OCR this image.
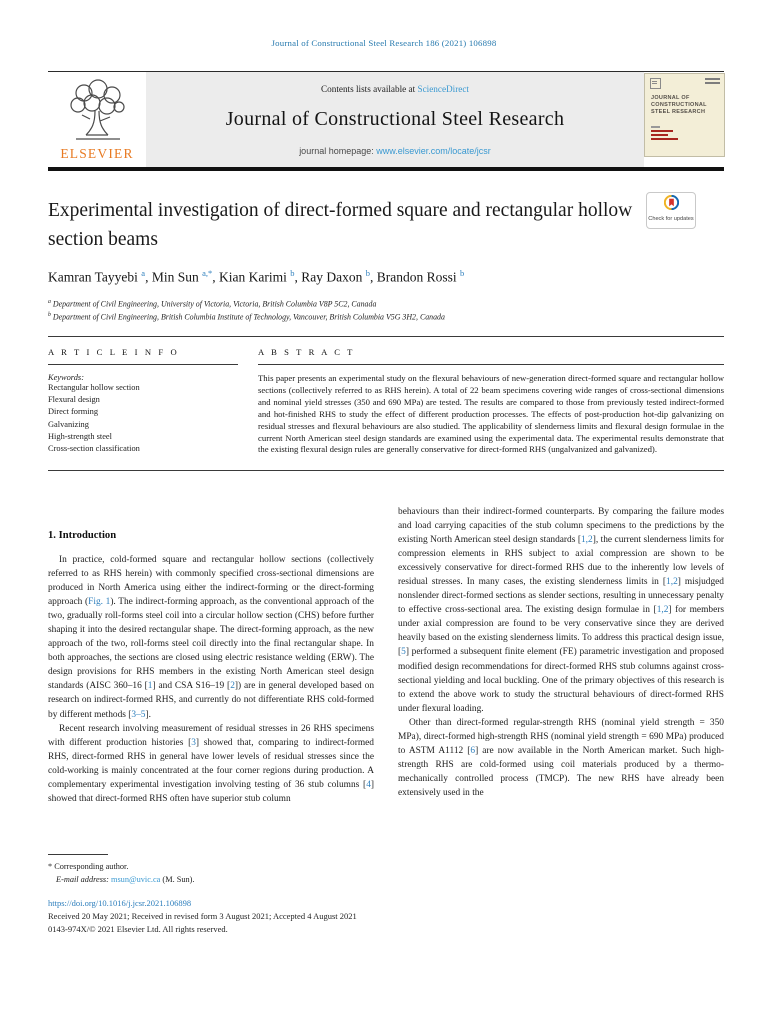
Journal of Constructional Steel Research 186 (2021) 106898
ELSEVIER
Contents lists available at ScienceDirect
Journal of Constructional Steel Research
journal homepage: www.elsevier.com/locate/jcsr
JOURNAL OF CONSTRUCTIONAL STEEL RESEARCH
Check for updates
Experimental investigation of direct-formed square and rectangular hollow section beams
Kamran Tayyebi $^a$, Min Sun $^{a,*}$, Kian Karimi $^b$, Ray Daxon $^b$, Brandon Rossi $^b$
$^a$ Department of Civil Engineering, University of Victoria, Victoria, British Columbia V8P 5C2, Canada
$^b$ Department of Civil Engineering, British Columbia Institute of Technology, Vancouver, British Columbia V5G 3H2, Canada
A R T I C L E I N F O
Keywords:
Rectangular hollow section
Flexural design
Direct forming
Galvanizing
High-strength steel
Cross-section classification
A B S T R A C T

This paper presents an experimental study on the flexural behaviours of new-generation direct-formed square and rectangular hollow sections (collectively referred to as RHS herein). A total of 22 beam specimens covering wide ranges of cross-sectional dimensions and nominal yield stresses (350 and 690 MPa) are tested. The results are compared to those from previously tested indirect-formed and hot-finished RHS to study the effect of different production processes. The effects of post-production hot-dip galvanizing on residual stresses and flexural behaviours are also studied. The applicability of slenderness limits and flexural design formulae in the current North American steel design standards are examined using the experimental data. The experimental results demonstrate that the existing flexural design rules are generally conservative for direct-formed RHS (ungalvanized and galvanized).

1. Introduction

In practice, cold-formed square and rectangular hollow sections (collectively referred to as RHS herein) with commonly specified cross-sectional dimensions are produced in North America using either the indirect-forming or the direct-forming approach (Fig. 1). The indirect-forming approach, as the conventional approach of the two, gradually roll-forms steel coil into a circular hollow section (CHS) before further shaping it into the desired rectangular shape. The direct-forming approach, as the new approach of the two, roll-forms steel coil directly into the final rectangular shape. In both approaches, the sections are closed using electric resistance welding (ERW). The design provisions for RHS members in the existing North American steel design standards (AISC 360–16 [1] and CSA S16–19 [2]) are in general developed based on research on indirect-formed RHS, and currently do not differentiate RHS cold-formed by different methods [3–5].

Recent research involving measurement of residual stresses in 26 RHS specimens with different production histories [3] showed that, comparing to indirect-formed RHS, direct-formed RHS in general have lower levels of residual stresses since the cold-working is mainly concentrated at the four corner regions during production. A complementary experimental investigation involving testing of 36 stub columns [4] showed that direct-formed RHS often have superior stub column

behaviours than their indirect-formed counterparts. By comparing the failure modes and load carrying capacities of the stub column specimens to the predictions by the existing North American steel design standards [1,2], the current slenderness limits for compression elements in RHS subject to axial compression are shown to be excessively conservative for direct-formed RHS due to the inherently low levels of residual stresses. In many cases, the existing slenderness limits in [1,2] misjudged nonslender direct-formed sections as slender sections, resulting in unnecessary penalty to effective cross-sectional area. The existing design formulae in [1,2] for members under axial compression are found to be very conservative since they are derived heavily based on the existing slenderness limits. To address this practical design issue, [5] performed a subsequent finite element (FE) parametric investigation and proposed modified design recommendations for direct-formed RHS stub columns against cross-sectional yielding and local buckling. One of the primary objectives of this research is to extend the above work to study the structural behaviours of direct-formed RHS under flexural loading.

Other than direct-formed regular-strength RHS (nominal yield strength = 350 MPa), direct-formed high-strength RHS (nominal yield strength = 690 MPa) produced to ASTM A1112 [6] are now available in the North American market. Such high-strength RHS are cold-formed using coil materials produced by a thermo-mechanically controlled process (TMCP). The new RHS have already been extensively used in the

* Corresponding author.
E-mail address: msun@uvic.ca (M. Sun).
https://doi.org/10.1016/j.jcsr.2021.106898
Received 20 May 2021; Received in revised form 3 August 2021; Accepted 4 August 2021
0143-974X/© 2021 Elsevier Ltd. All rights reserved.
